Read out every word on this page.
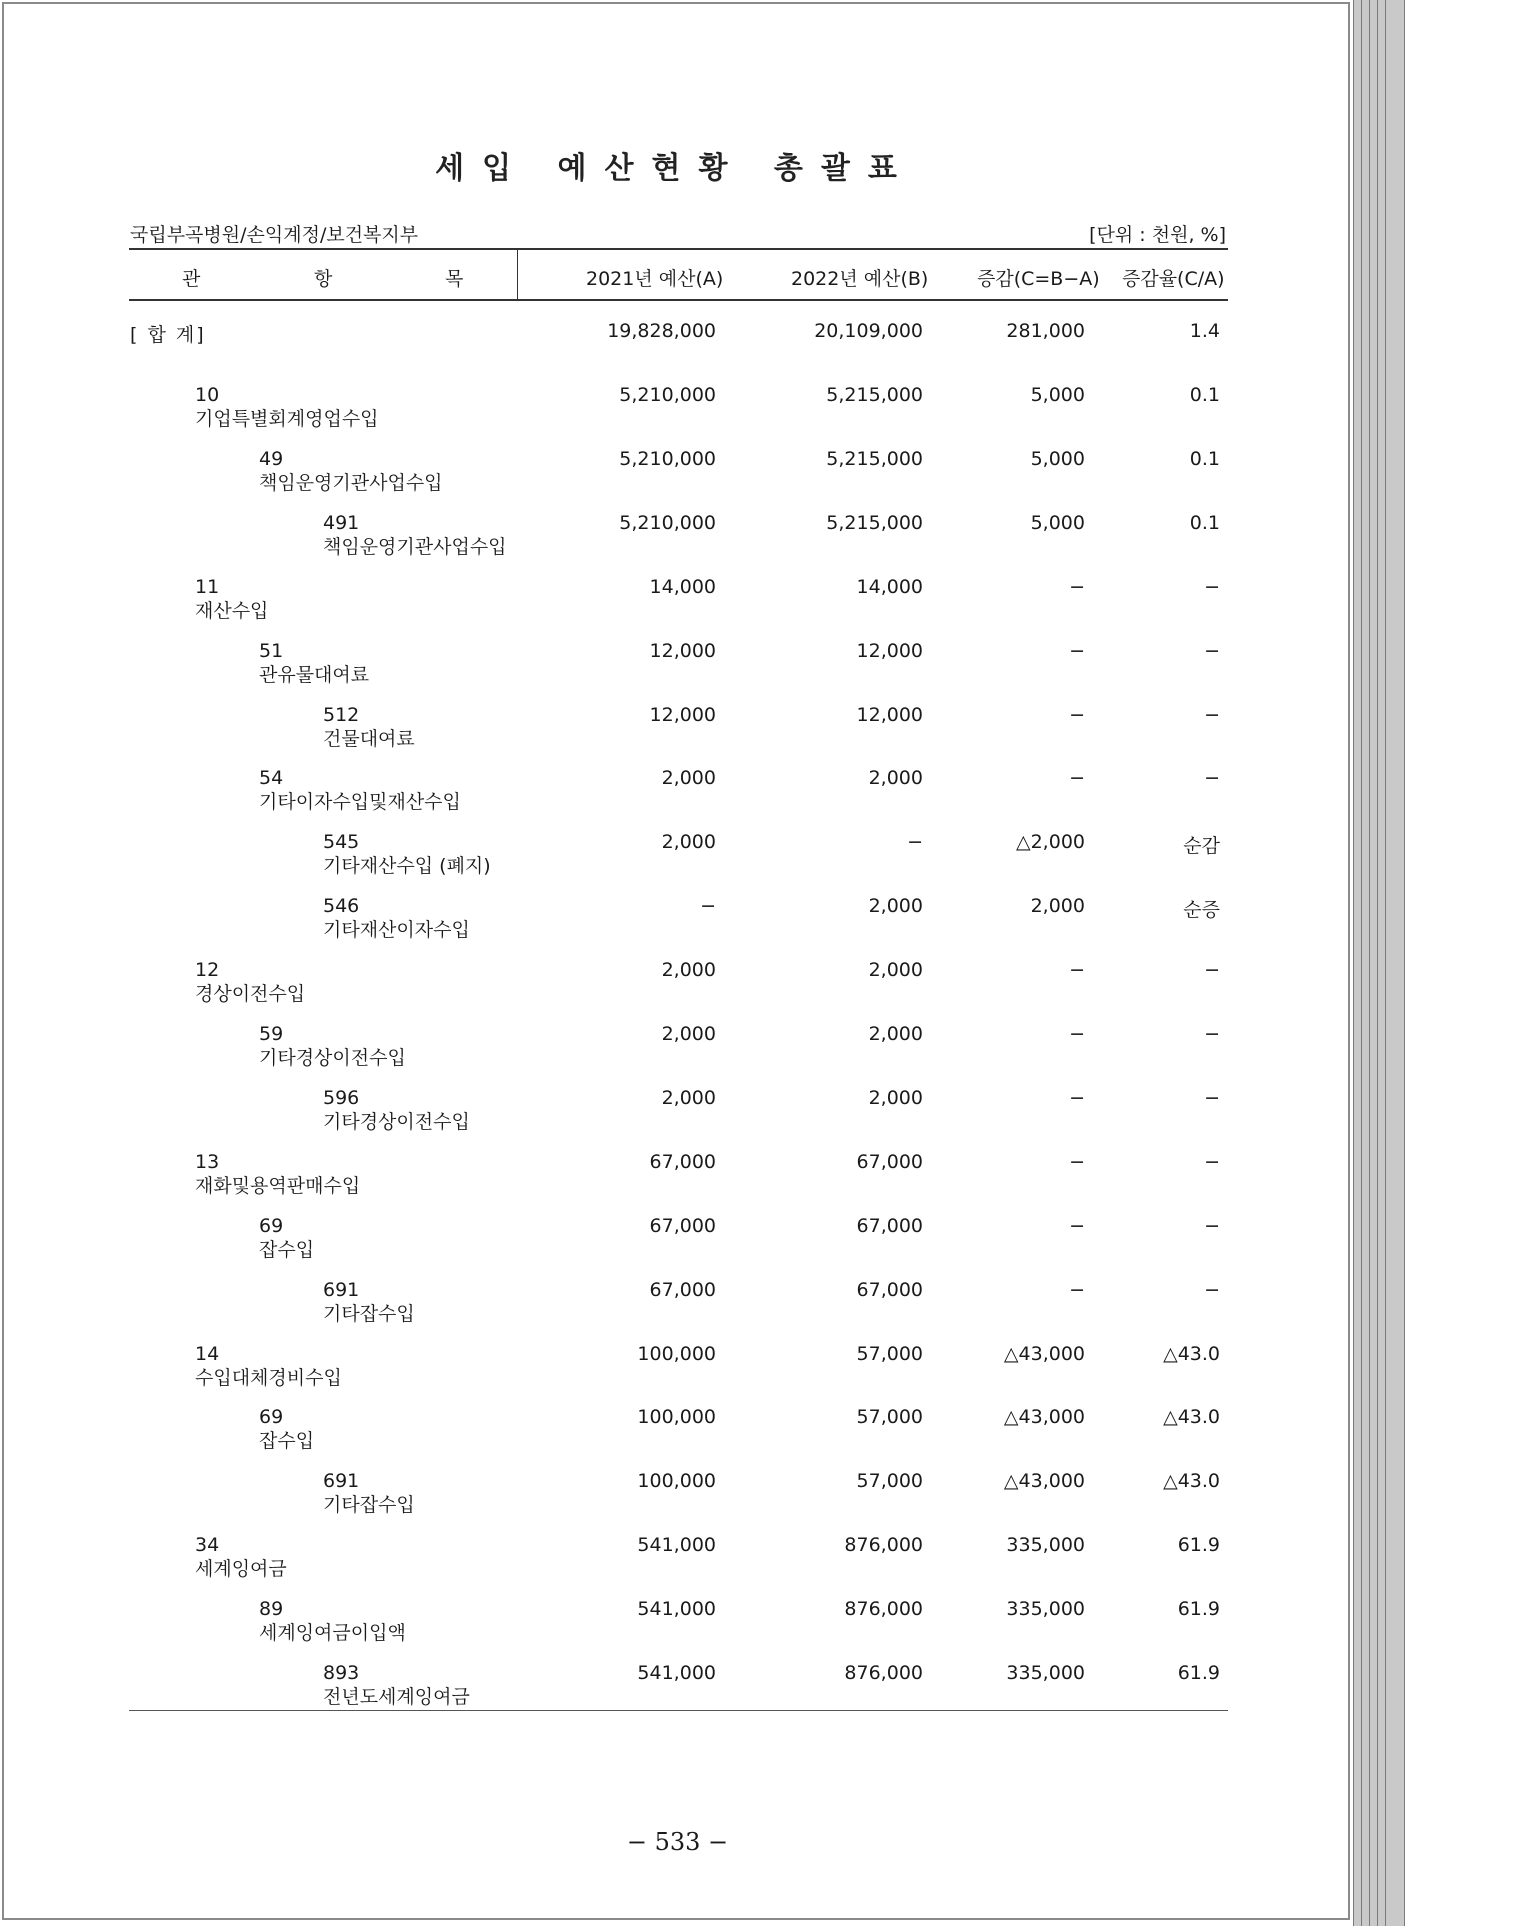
세입 예산현황 총괄표
국립부곡병원/손익계정/보건복지부	[단위 : 천원, %]
관	항	목	2021년 예산(A)	2022년 예산(B)	증감(C=B−A) 증감율(C/A)
[ 합 계]	19,828,000	20,109,000	281,000	1.4
10
기업특별회계영업수입
5,210,000	5,215,000	5,000	0.1
49
책임운영기관사업수입
5,210,000	5,215,000	5,000	0.1
491
책임운영기관사업수입
5,210,000	5,215,000	5,000	0.1
11
재산수입
14,000	14,000	−	−
51
관유물대여료
12,000	12,000	−	−
512
건물대여료
12,000	12,000	−	−
54
기타이자수입및재산수입
2,000	2,000	−	−
545
기타재산수입 (폐지)
2,000	−	△2,000	순감
546
기타재산이자수입
−	2,000	2,000	순증
12
경상이전수입
2,000	2,000	−	−
59
기타경상이전수입
2,000	2,000	−	−
596
기타경상이전수입
2,000	2,000	−	−
13
재화및용역판매수입
67,000	67,000	−	−
69
잡수입
67,000	67,000	−	−
691
기타잡수입
67,000	67,000	−	−
14
수입대체경비수입
100,000	57,000	△43,000	△43.0
69
잡수입
100,000	57,000	△43,000	△43.0
691
기타잡수입
100,000	57,000	△43,000	△43.0
34
세계잉여금
541,000	876,000	335,000	61.9
89
세계잉여금이입액
541,000	876,000	335,000	61.9
893
전년도세계잉여금
541,000	876,000	335,000	61.9
− 533 −
